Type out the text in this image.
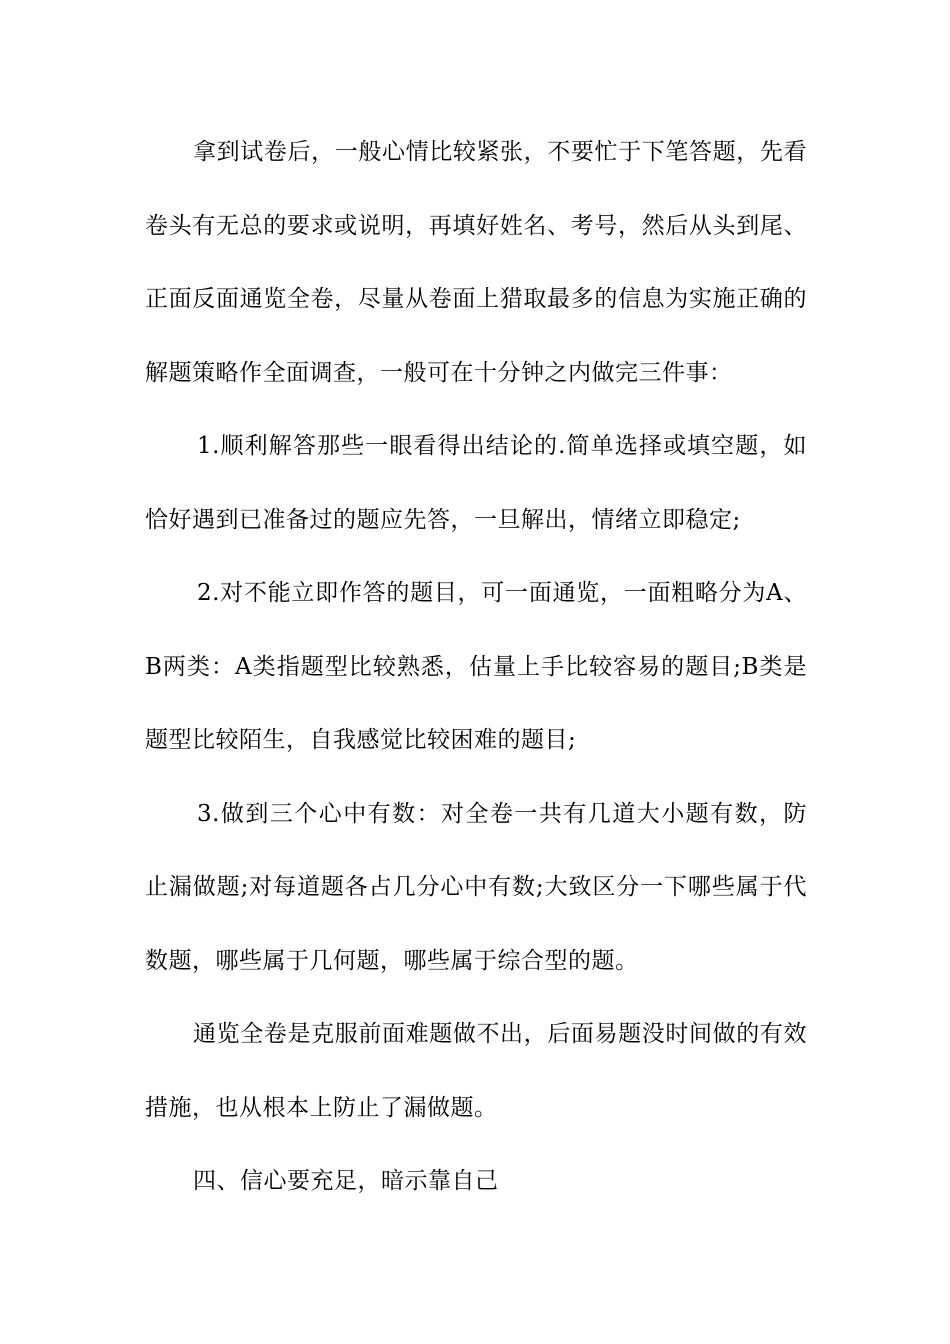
拿到试卷后，一般心情比较紧张，不要忙于下笔答题，先看卷头有无总的要求或说明，再填好姓名、考号，然后从头到尾、正面反面通览全卷，尽量从卷面上猎取最多的信息为实施正确的解题策略作全面调查，一般可在十分钟之内做完三件事：

1.顺利解答那些一眼看得出结论的.简单选择或填空题，如恰好遇到已准备过的题应先答，一旦解出，情绪立即稳定;

2.对不能立即作答的题目，可一面通览，一面粗略分为A、B两类：A类指题型比较熟悉，估量上手比较容易的题目;B类是题型比较陌生，自我感觉比较困难的题目;

3.做到三个心中有数：对全卷一共有几道大小题有数，防止漏做题;对每道题各占几分心中有数;大致区分一下哪些属于代数题，哪些属于几何题，哪些属于综合型的题。

通览全卷是克服前面难题做不出，后面易题没时间做的有效措施，也从根本上防止了漏做题。

四、信心要充足，暗示靠自己
